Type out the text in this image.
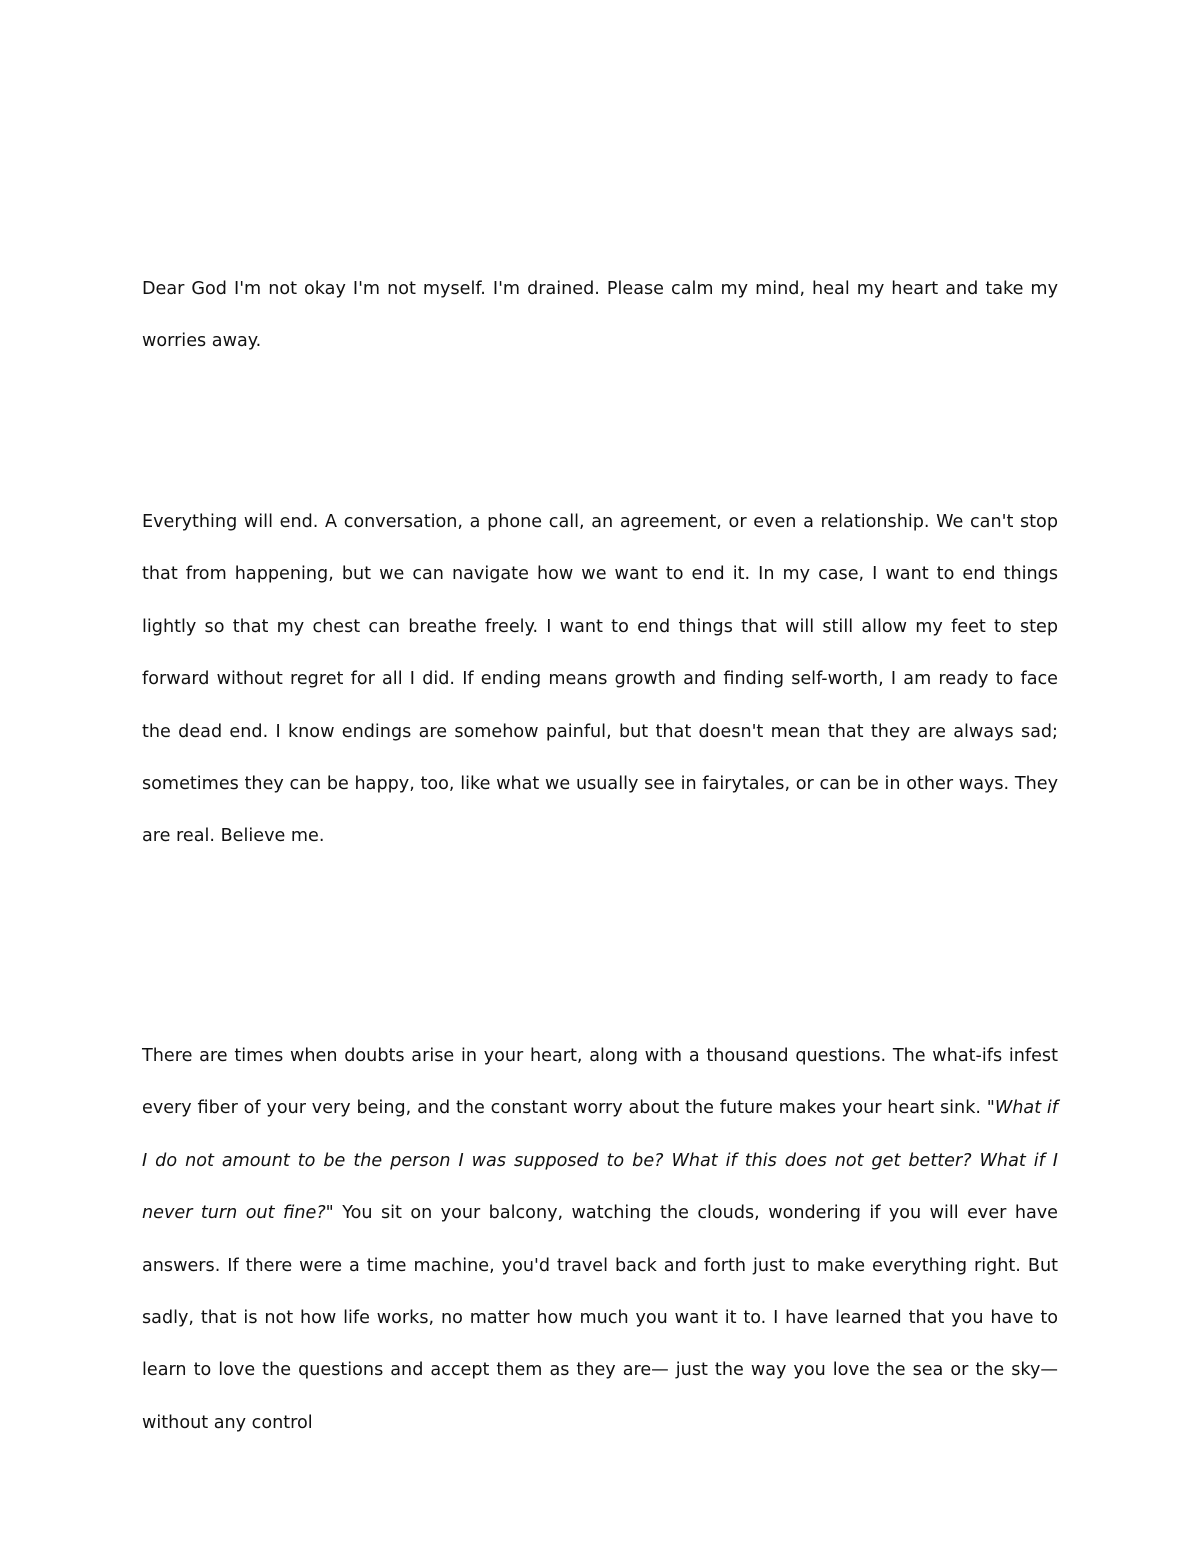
Dear God I'm not okay I'm not myself. I'm drained. Please calm my mind, heal my heart and take my worries away.

Everything will end. A conversation, a phone call, an agreement, or even a relationship. We can't stop that from happening, but we can navigate how we want to end it. In my case, I want to end things lightly so that my chest can breathe freely. I want to end things that will still allow my feet to step forward without regret for all I did. If ending means growth and finding self-worth, I am ready to face the dead end. I know endings are somehow painful, but that doesn't mean that they are always sad; sometimes they can be happy, too, like what we usually see in fairytales, or can be in other ways. They are real. Believe me.

There are times when doubts arise in your heart, along with a thousand questions. The what-ifs infest every fiber of your very being, and the constant worry about the future makes your heart sink. "What if I do not amount to be the person I was supposed to be? What if this does not get better? What if I never turn out fine?" You sit on your balcony, watching the clouds, wondering if you will ever have answers. If there were a time machine, you'd travel back and forth just to make everything right. But sadly, that is not how life works, no matter how much you want it to. I have learned that you have to learn to love the questions and accept them as they are— just the way you love the sea or the sky— without any control
